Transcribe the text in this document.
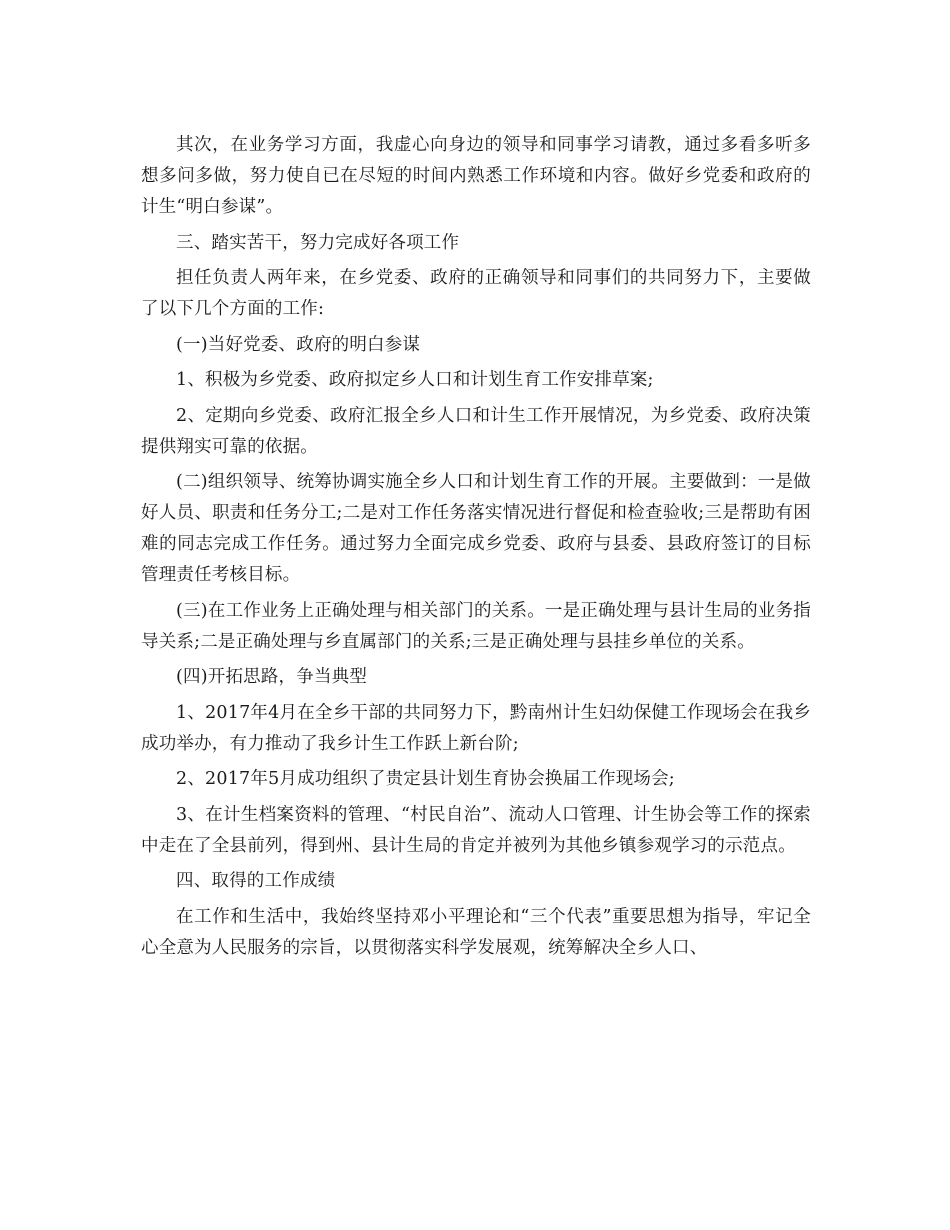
其次，在业务学习方面，我虚心向身边的领导和同事学习请教，通过多看多听多想多问多做，努力使自已在尽短的时间内熟悉工作环境和内容。做好乡党委和政府的计生“明白参谋”。

三、踏实苦干，努力完成好各项工作

担任负责人两年来，在乡党委、政府的正确领导和同事们的共同努力下，主要做了以下几个方面的工作:

(一)当好党委、政府的明白参谋

1、积极为乡党委、政府拟定乡人口和计划生育工作安排草案;

2、定期向乡党委、政府汇报全乡人口和计生工作开展情况，为乡党委、政府决策提供翔实可靠的依据。

(二)组织领导、统筹协调实施全乡人口和计划生育工作的开展。主要做到：一是做好人员、职责和任务分工;二是对工作任务落实情况进行督促和检查验收;三是帮助有困难的同志完成工作任务。通过努力全面完成乡党委、政府与县委、县政府签订的目标管理责任考核目标。

(三)在工作业务上正确处理与相关部门的关系。一是正确处理与县计生局的业务指导关系;二是正确处理与乡直属部门的关系;三是正确处理与县挂乡单位的关系。

(四)开拓思路，争当典型

1、2017年4月在全乡干部的共同努力下，黔南州计生妇幼保健工作现场会在我乡成功举办，有力推动了我乡计生工作跃上新台阶;

2、2017年5月成功组织了贵定县计划生育协会换届工作现场会;

3、在计生档案资料的管理、“村民自治”、流动人口管理、计生协会等工作的探索中走在了全县前列，得到州、县计生局的肯定并被列为其他乡镇参观学习的示范点。

四、取得的工作成绩

在工作和生活中，我始终坚持邓小平理论和“三个代表”重要思想为指导，牢记全心全意为人民服务的宗旨，以贯彻落实科学发展观，统筹解决全乡人口、
